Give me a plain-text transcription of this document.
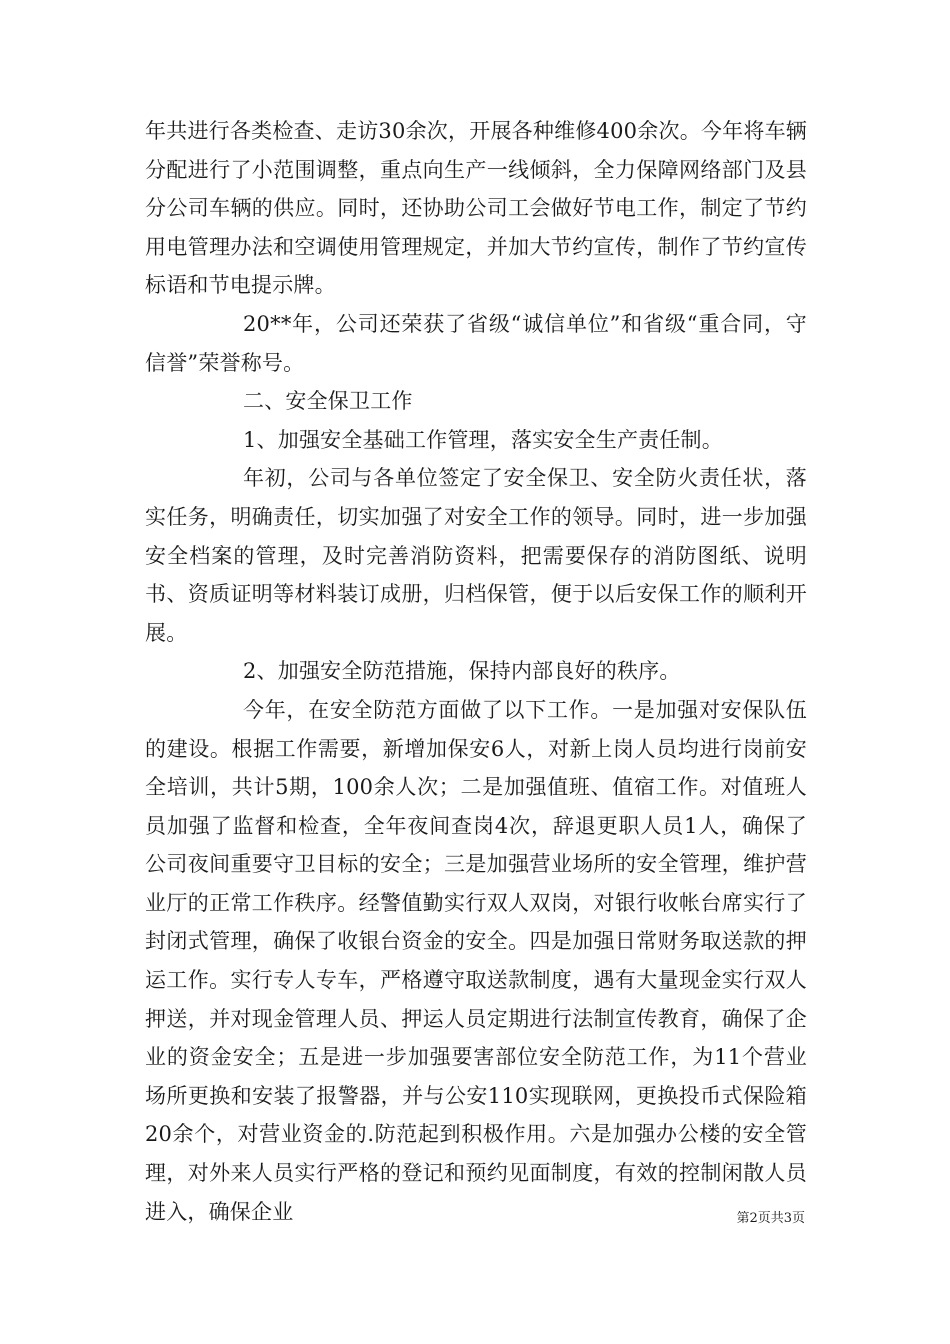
年共进行各类检查、走访30余次，开展各种维修400余次。今年将车辆分配进行了小范围调整，重点向生产一线倾斜，全力保障网络部门及县分公司车辆的供应。同时，还协助公司工会做好节电工作，制定了节约用电管理办法和空调使用管理规定，并加大节约宣传，制作了节约宣传标语和节电提示牌。

20**年，公司还荣获了省级“诚信单位”和省级“重合同，守信誉”荣誉称号。

二、安全保卫工作

1、加强安全基础工作管理，落实安全生产责任制。

年初，公司与各单位签定了安全保卫、安全防火责任状，落实任务，明确责任，切实加强了对安全工作的领导。同时，进一步加强安全档案的管理，及时完善消防资料，把需要保存的消防图纸、说明书、资质证明等材料装订成册，归档保管，便于以后安保工作的顺利开展。

2、加强安全防范措施，保持内部良好的秩序。

今年，在安全防范方面做了以下工作。一是加强对安保队伍的建设。根据工作需要，新增加保安6人，对新上岗人员均进行岗前安全培训，共计5期，100余人次；二是加强值班、值宿工作。对值班人员加强了监督和检查，全年夜间查岗4次，辞退更职人员1人，确保了公司夜间重要守卫目标的安全；三是加强营业场所的安全管理，维护营业厅的正常工作秩序。经警值勤实行双人双岗，对银行收帐台席实行了封闭式管理，确保了收银台资金的安全。四是加强日常财务取送款的押运工作。实行专人专车，严格遵守取送款制度，遇有大量现金实行双人押送，并对现金管理人员、押运人员定期进行法制宣传教育，确保了企业的资金安全；五是进一步加强要害部位安全防范工作，为11个营业场所更换和安装了报警器，并与公安110实现联网，更换投币式保险箱20余个，对营业资金的.防范起到积极作用。六是加强办公楼的安全管理，对外来人员实行严格的登记和预约见面制度，有效的控制闲散人员进入，确保企业	第2页共3页
